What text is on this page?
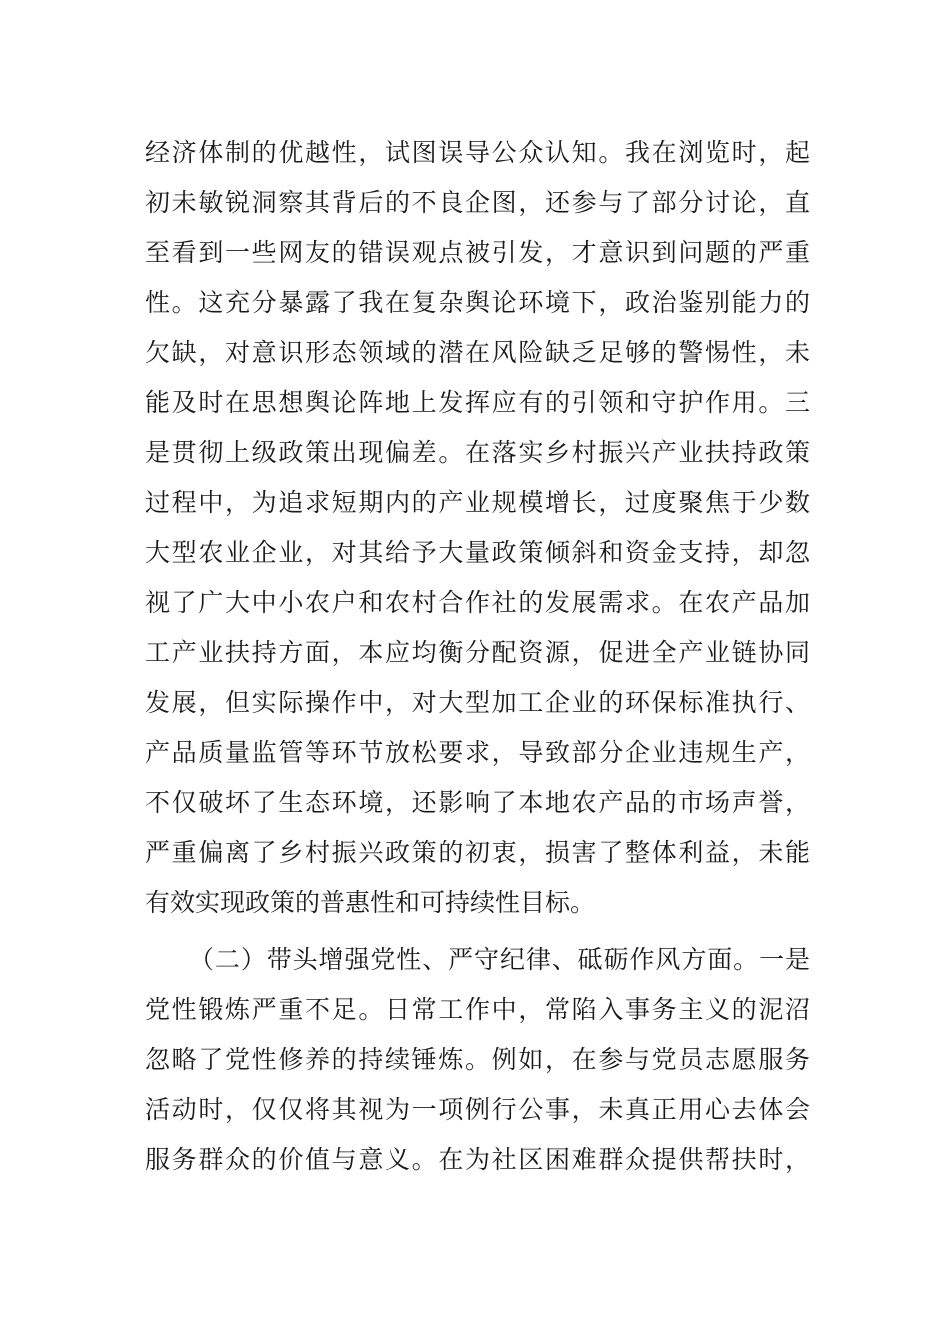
经济体制的优越性，试图误导公众认知。我在浏览时，起
初未敏锐洞察其背后的不良企图，还参与了部分讨论，直
至看到一些网友的错误观点被引发，才意识到问题的严重
性。这充分暴露了我在复杂舆论环境下，政治鉴别能力的
欠缺，对意识形态领域的潜在风险缺乏足够的警惕性，未
能及时在思想舆论阵地上发挥应有的引领和守护作用。三
是贯彻上级政策出现偏差。在落实乡村振兴产业扶持政策
过程中，为追求短期内的产业规模增长，过度聚焦于少数
大型农业企业，对其给予大量政策倾斜和资金支持，却忽
视了广大中小农户和农村合作社的发展需求。在农产品加
工产业扶持方面，本应均衡分配资源，促进全产业链协同
发展，但实际操作中，对大型加工企业的环保标准执行、
产品质量监管等环节放松要求，导致部分企业违规生产，
不仅破坏了生态环境，还影响了本地农产品的市场声誉，
严重偏离了乡村振兴政策的初衷，损害了整体利益，未能
有效实现政策的普惠性和可持续性目标。
（二）带头增强党性、严守纪律、砥砺作风方面。一是
党性锻炼严重不足。日常工作中，常陷入事务主义的泥沼
忽略了党性修养的持续锤炼。例如，在参与党员志愿服务
活动时，仅仅将其视为一项例行公事，未真正用心去体会
服务群众的价值与意义。在为社区困难群众提供帮扶时，
